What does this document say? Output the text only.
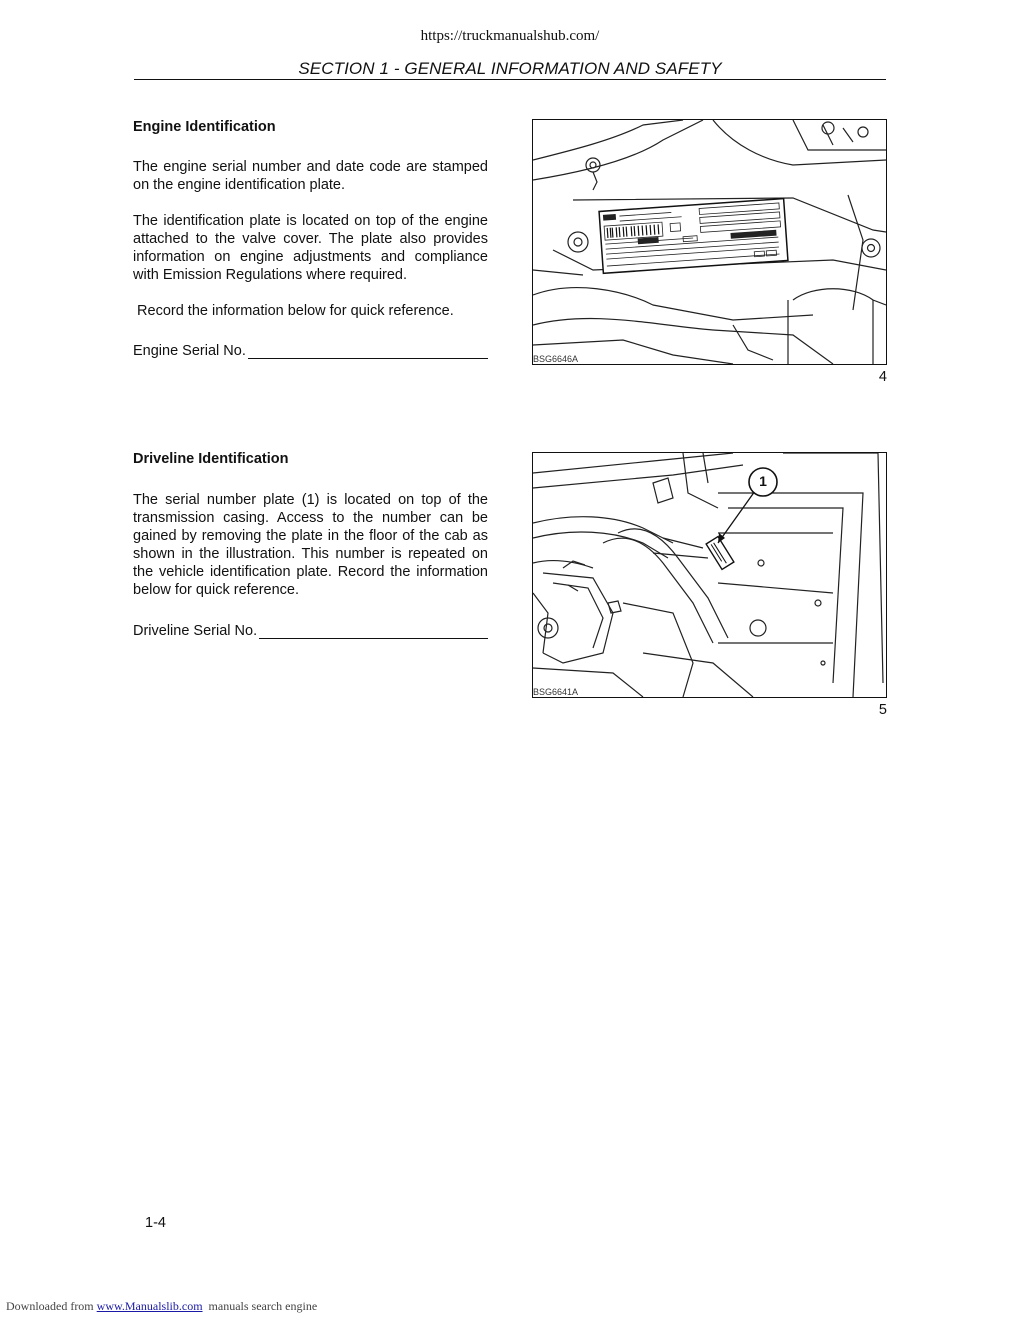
https://truckmanualshub.com/
SECTION 1 - GENERAL INFORMATION AND SAFETY
Engine Identification

The engine serial number and date code are stamped on the engine identification plate.

The identification plate is located on top of the engine attached to the valve cover. The plate also provides information on engine adjustments and compliance with Emission Regulations where required.

Record the information below for quick reference.

Engine Serial No.	BSG6646A
4
Driveline Identification

The serial number plate (1) is located on top of the transmission casing. Access to the number can be gained by removing the plate in the floor of the cab as shown in the illustration. This number is repeated on the vehicle identification plate. Record the information below for quick reference.

Driveline Serial No.
1
BSG6641A
5
1-4
Downloaded from www.Manualslib.com  manuals search engine
